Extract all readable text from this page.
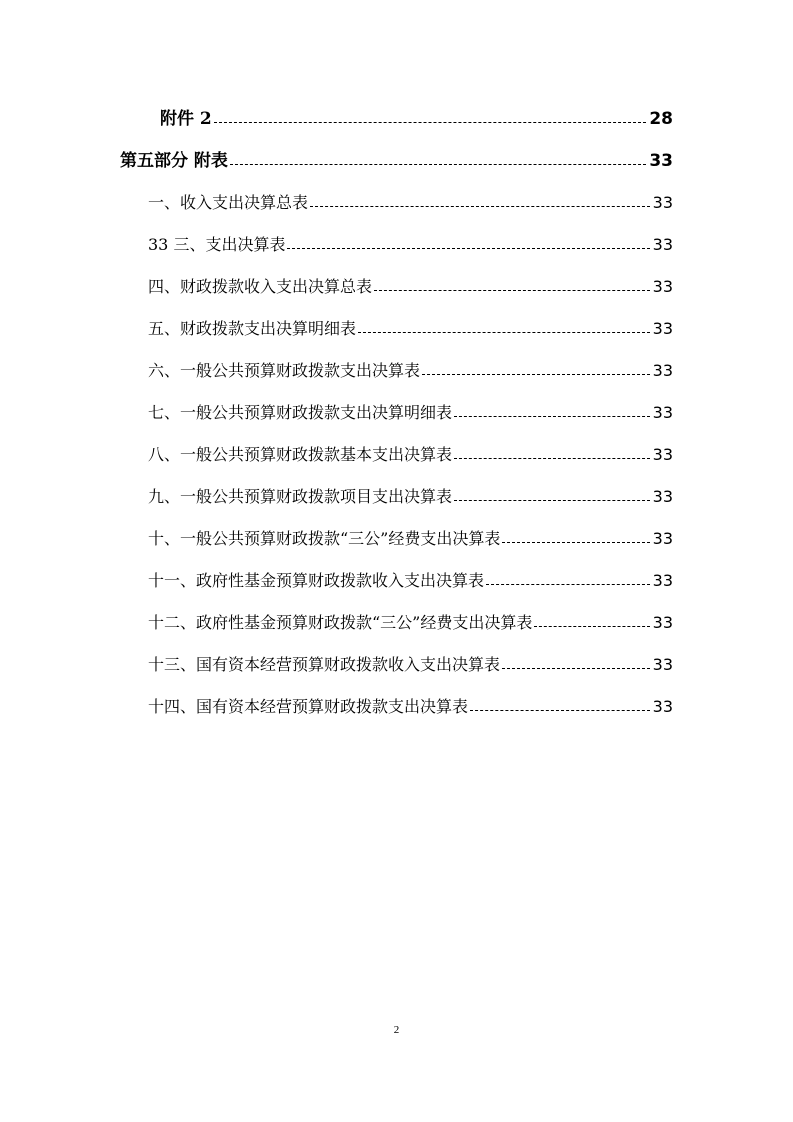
附件 2	28
第五部分 附表	33
一、收入支出决算总表	33
33 三、支出决算表	33
四、财政拨款收入支出决算总表	33
五、财政拨款支出决算明细表	33
六、一般公共预算财政拨款支出决算表	33
七、一般公共预算财政拨款支出决算明细表	33
八、一般公共预算财政拨款基本支出决算表	33
九、一般公共预算财政拨款项目支出决算表	33
十、一般公共预算财政拨款“三公”经费支出决算表	33
十一、政府性基金预算财政拨款收入支出决算表	33
十二、政府性基金预算财政拨款“三公”经费支出决算表	33
十三、国有资本经营预算财政拨款收入支出决算表	33
十四、国有资本经营预算财政拨款支出决算表	33
2
